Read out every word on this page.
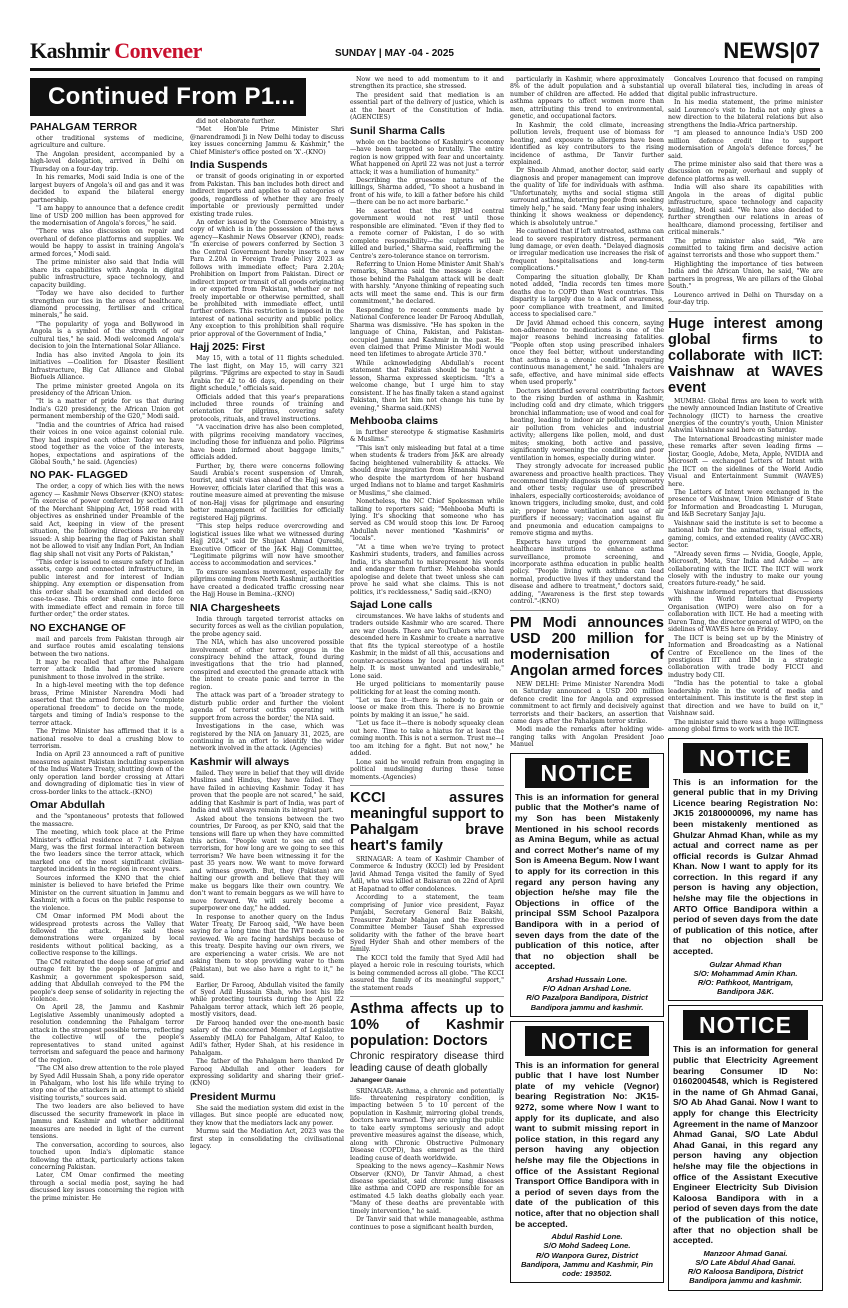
Kashmir Convener	SUNDAY | MAY -04 - 2025	NEWS|07
Continued From P1...
PAHALGAM TERROR

other traditional systems of medicine, agriculture and culture.

The Angolan president, accompanied by a high-level delegation, arrived in Delhi on Thursday on a four-day trip.

In his remarks, Modi said India is one of the largest buyers of Angola's oil and gas and it was decided to expand the bilateral energy partnership.

"I am happy to announce that a defence credit line of USD 200 million has been approved for the modernisation of Angola's forces," he said.

"There was also discussion on repair and overhaul of defence platforms and supplies. We would be happy to assist in training Angola's armed forces," Modi said.

The prime minister also said that India will share its capabilities with Angola in digital public infrastructure, space technology, and capacity building.

"Today we have also decided to further strengthen our ties in the areas of healthcare, diamond processing, fertiliser and critical minerals," he said.

"The popularity of yoga and Bollywood in Angola is a symbol of the strength of our cultural ties," he said. Modi welcomed Angola's decision to join the International Solar Alliance.

India has also invited Angola to join its initiatives —Coalition for Disaster Resilient Infrastructure, Big Cat Alliance and Global Biofuels Alliance.

The prime minister greeted Angola on its presidency of the African Union.

"It is a matter of pride for us that during India's G20 presidency, the African Union got permanent membership of the G20," Modi said.

"India and the countries of Africa had raised their voices in one voice against colonial rule. They had inspired each other. Today we have stood together as the voice of the interests, hopes, expectations and aspirations of the Global South," he said. (Agencies)

NO PAK- FLAGGED

The order, a copy of which lies with the news agency — Kashmir News Observer (KNO) states: "In exercise of power conferred by section 411 of the Merchant Shipping Act, 1958 read with objectives as enshrined under Preamble of the said Act, keeping in view of the present situation, the following directions are hereby issued: A ship bearing the flag of Pakistan shall not be allowed to visit any Indian Port, An Indian flag ship shall not visit any Ports of Pakistan,"

"This order is issued to ensure safety of Indian assets, cargo and connected infrastructure, in public interest and for interest of Indian shipping. Any exemption or dispensation from this order shall be examined and decided on case-to-case. This order shall come into force with immediate effect and remain in force till further order," the order states.

NO EXCHANGE OF

mail and parcels from Pakistan through air and surface routes amid escalating tensions between the two nations.

It may be recalled that after the Pahalgam terror attack India had promised severe punishment to those involved in the strike.

In a high-level meeting with the top defence brass, Prime Minister Narendra Modi had asserted that the armed forces have "complete operational freedom" to decide on the mode, targets and timing of India's response to the terror attack.

The Prime Minister has affirmed that it is a national resolve to deal a crushing blow to terrorism.

India on April 23 announced a raft of punitive measures against Pakistan including suspension of the Indus Waters Treaty, shutting down of the only operation land border crossing at Attari and downgrading of diplomatic ties in view of cross-border links to the attack.-(KNO)

Omar Abdullah

and the "spontaneous" protests that followed the massacre.

The meeting, which took place at the Prime Minister's official residence at 7 Lok Kalyan Marg, was the first formal interaction between the two leaders since the terror attack, which marked one of the most significant civilian-targeted incidents in the region in recent years.

Sources informed the KNO that the chief minister is believed to have briefed the Prime Minister on the current situation in Jammu and Kashmir, with a focus on the public response to the violence.

CM Omar informed PM Modi about the widespread protests across the Valley that followed the attack. He said these demonstrations were organized by local residents without political backing, as a collective response to the killings.

The CM reiterated the deep sense of grief and outrage felt by the people of Jammu and Kashmir, a government spokesperson said, adding that Abdullah conveyed to the PM the people's deep sense of solidarity in rejecting the violence.

On April 28, the Jammu and Kashmir Legislative Assembly unanimously adopted a resolution condemning the Pahalgam terror attack in the strongest possible terms, reflecting the collective will of the people's representatives to stand united against terrorism and safeguard the peace and harmony of the region.

"The CM also drew attention to the role played by Syed Adil Hussain Shah, a pony ride operator in Pahalgam, who lost his life while trying to stop one of the attackers in an attempt to shield visiting tourists," sources said.

The two leaders are also believed to have discussed the security framework in place in Jammu and Kashmir and whether additional measures are needed in light of the current tensions.

The conversation, according to sources, also touched upon India's diplomatic stance following the attack, particularly actions taken concerning Pakistan.

Later, CM Omar confirmed the meeting through a social media post, saying he had discussed key issues concerning the region with the prime minister. He

did not elaborate further.

"Met Hon'ble Prime Minister Shri @narendramodi Ji in New Delhi today to discuss key issues concerning Jammu & Kashmir," the Chief Minister's office posted on 'X'.-(KNO)

India Suspends

or transit of goods originating in or exported from Pakistan. This ban includes both direct and indirect imports and applies to all categories of goods, regardless of whether they are freely importable or previously permitted under existing trade rules.

An order issued by the Commerce Ministry, a copy of which is in the possession of the news agency—Kashmir News Observer (KNO), reads: "In exercise of powers conferred by Section 3 the Central Government hereby inserts a new Para 2.20A in Foreign Trade Policy 2023 as follows with immediate effect; Para 2.20A; Prohibition on Import from Pakistan. Direct or indirect import or transit of all goods originating in or exported from Pakistan, whether or not freely importable or otherwise permitted, shall be prohibited with immediate effect, until further orders. This restriction is imposed in the interest of national security and public policy. Any exception to this prohibition shall require prior approval of the Government of India,"

Hajj 2025: First

May 15, with a total of 11 flights scheduled. The last flight, on May 15, will carry 321 pilgrims. "Pilgrims are expected to stay in Saudi Arabia for 42 to 46 days, depending on their flight schedule," officials said.

Officials added that this year's preparations included three rounds of training and orientation for pilgrims, covering safety protocols, rituals, and travel instructions.

"A vaccination drive has also been completed, with pilgrims receiving mandatory vaccines, including those for influenza and polio. Pilgrims have been informed about baggage limits," officials added.

Further, by, there were concerns following Saudi Arabia's recent suspension of Umrah, tourist, and visit visas ahead of the Hajj season. However, officials later clarified that this was a routine measure aimed at preventing the misuse of non-Hajj visas for pilgrimage and ensuring better management of facilities for officially registered Hajj pilgrims.

"This step helps reduce overcrowding and logistical issues like what we witnessed during Hajj 2024," said Dr Shujaat Ahmad Qureshi, Executive Officer of the J&K Hajj Committee, "Legitimate pilgrims will now have smoother access to accommodation and services."

To ensure seamless movement, especially for pilgrims coming from North Kashmir, authorities have created a dedicated traffic crossing near the Hajj House in Bemina.-(KNO)

NIA Chargesheets

India through targeted terrorist attacks on security forces as well as the civilian population, the probe agency said.

The NIA, which has also uncovered possible involvement of other terror groups in the conspiracy behind the attack, found during investigations that the trio had planned, conspired and executed the grenade attack with the intent to create panic and terror in the region.

The attack was part of a 'broader strategy to disturb public order and further the violent agenda of terrorist outfits operating with support from across the border,' the NIA said.

Investigations in the case, which was registered by the NIA on January 31, 2025, are continuing in an effort to identify the wider network involved in the attack. (Agencies)

Kashmir will always

failed. They were in belief that they will divide Muslims and Hindus, they have failed. They have failed in achieving Kashmir. Today it has proven that the people are not scared," he said, adding that Kashmir is part of India, was part of India and will always remain its integral part.

Asked about the tensions between the two countries, Dr Farooq, as per KNO, said that the tensions will flare up when they have committed this action. "People want to see an end of terrorism, for how long are we going to see this terrorism? We have been witnessing it for the past 35 years now. We want to move forward and witness growth. But, they (Pakistan) are halting our growth and believe that they will make us beggars like their own country. We don't want to remain beggars as we will have to move forward. We will surely become a superpower one day," he added.

In response to another query on the Indus Water Treaty, Dr Farooq said, "We have been saying for a long time that the IWT needs to be reviewed. We are facing hardships because of this treaty. Despite having our own rivers, we are experiencing a water crisis. We are not asking them to stop providing water to them (Pakistan), but we also have a right to it," he said.

Earlier, Dr Farooq, Abdullah visited the family of Syed Adil Hussain Shah, who lost his life while protecting tourists during the April 22 Pahalgam terror attack, which left 26 people, mostly visitors, dead.

Dr Farooq handed over the one-month basic salary of the concerned Member of Legislative Assembly (MLA) for Pahalgam, Altaf Kaloo, to Adil's father, Hyder Shah, at his residence in Pahalgam.

The father of the Pahalgam hero thanked Dr Farooq Abdullah and other leaders for expressing solidarity and sharing their grief.-(KNO)

President Murmu

She said the mediation system did exist in the villages. But since people are educated now, they know that the mediators lack any power.

Murmu said the Mediation Act, 2023 was the first step in consolidating the civilisational legacy.

Now we need to add momentum to it and strengthen its practice, she stressed.

The president said that mediation is an essential part of the delivery of justice, which is at the heart of the Constitution of India. (AGENCIES)

Sunil Sharma Calls

whole on the backbone of Kashmir's economy—have been targeted so brutally. The entire region is now gripped with fear and uncertainty. What happened on April 22 was not just a terror attack; it was a humiliation of humanity."

Describing the gruesome nature of the killings, Sharma added, "To shoot a husband in front of his wife, to kill a father before his child—there can be no act more barbaric."

He asserted that the BJP-led central government would not rest until those responsible are eliminated. "Even if they fled to a remote corner of Pakistan, I do so with complete responsibility—the culprits will be killed and buried," Sharma said, reaffirming the Centre's zero-tolerance stance on terrorism.

Referring to Union Home Minister Amit Shah's remarks, Sharma said the message is clear: those behind the Pahalgam attack will be dealt with harshly. "Anyone thinking of repeating such acts will meet the same end. This is our firm commitment," he declared.

Responding to recent comments made by National Conference leader Dr Farooq Abdullah, Sharma was dismissive. "He has spoken in the language of China, Pakistan, and Pakistan-occupied Jammu and Kashmir in the past. He even claimed that Prime Minister Modi would need ten lifetimes to abrogate Article 370."

While acknowledging Abdullah's recent statement that Pakistan should be taught a lesson, Sharma expressed skepticism. "It's a welcome change, but I urge him to stay consistent. If he has finally taken a stand against Pakistan, then let him not change his tune by evening," Sharma said.(KNS)

Mehbooba claims

in further stereotype & stigmatise Kashmiris & Muslims."

"This isn't only misleading but fatal at a time when students & traders from J&K are already facing heightened vulnerability & attacks. We should draw inspiration from Himanshi Narwal who despite the martyrdom of her husband urged Indians not to blame and target Kashmiris or Muslims," she claimed.

Nonetheless, the NC Chief Spokesman while talking to reporters said; "Mehbooba Mufti is lying. It's shocking that someone who has served as CM would stoop this low. Dr Farooq Abdullah never mentioned "Kashmiris" or "locals".

"At a time when we're trying to protect Kashmiri students, traders, and families across India, it's shameful to misrepresent his words and endanger them further. Mehbooba should apologise and delete that tweet unless she can prove he said what she claims. This is not politics, it's recklessness," Sadiq said.-(KNO)

Sajad Lone calls

circumstances. We have lakhs of students and traders outside Kashmir who are scared. There are war clouds. There are YouTubers who have descended here in Kashmir to create a narrative that fits the typical stereotype of a hostile Kashmir, in the midst of all this, accusations and counter-accusations by local parties will not help. It is most unwanted and undesirable," Lone said.

He urged politicians to momentarily pause politicking for at least the coming month.

"Let us face it—there is nobody to gain or loose or make from this. There is no brownie points by making it an issue," he said.

"Let us face it—there is nobody squeaky clean out here. Time to take a hiatus for at least the coming month. This is not a sermon. Trust me—I too am itching for a fight. But not now," he added.

Lone said he would refrain from engaging in political mudslinging during these tense moments.-(Agencies)

KCCI assures meaningful support to Pahalgam brave heart's family

SRINAGAR: A team of Kashmir Chamber of Commerce & Industry (KCCI) led by President Javid Ahmad Tenga visited the family of Syed Adil, who was killed at Baisaran on 22nd of April at Hapatnad to offer condolences.

According to a statement, the team comprising of Junior vice president, Fayaz Punjabi, Secretary General Baiz Bakshi, Treasurer Zubair Mahajan and the Executive Committee Member Tausef Shah expressed solidarity with the father of the brave heart Syed Hyder Shah and other members of the family.

The KCCI told the family that Syed Adil had played a heroic role in rescuing tourists, which is being commended across all globe. "The KCCI assured the family of its meaningful support," the statement reads

Asthma affects up to 10% of Kashmir population: Doctors
Chronic respiratory disease third leading cause of death globally
Jahangeer Ganaie

SRINAGAR: Asthma, a chronic and potentially life- threatening respiratory condition, is impacting between 5 to 10 percent of the population in Kashmir, mirroring global trends, doctors have warned. They are urging the public to take early symptoms seriously and adopt preventive measures against the disease, which, along with Chronic Obstructive Pulmonary Disease (COPD), has emerged as the third leading cause of death worldwide.

Speaking to the news agency—Kashmir News Observer (KNO), Dr Tanvir Ahmad, a chest disease specialist, said chronic lung diseases like asthma and COPD are responsible for an estimated 4.5 lakh deaths globally each year. "Many of these deaths are preventable with timely intervention," he said.

Dr Tanvir said that while manageable, asthma continues to pose a significant health burden,

particularly in Kashmir, where approximately 8% of the adult population and a substantial number of children are affected. He added that asthma appears to affect women more than men, attributing this trend to environmental, genetic, and occupational factors.

In Kashmir, the cold climate, increasing pollution levels, frequent use of biomass for heating, and exposure to allergens have been identified as key contributors to the rising incidence of asthma, Dr Tanvir further explained.

Dr Shoaib Ahmad, another doctor, said early diagnosis and proper management can improve the quality of life for individuals with asthma. "Unfortunately, myths and social stigma still surround asthma, deterring people from seeking timely help," he said. "Many fear using inhalers, thinking it shows weakness or dependency, which is absolutely untrue."

He cautioned that if left untreated, asthma can lead to severe respiratory distress, permanent lung damage, or even death. "Delayed diagnosis or irregular medication use increases the risk of frequent hospitalisations and long-term complications."

Comparing the situation globally, Dr Khan noted added, "India records ten times more deaths due to COPD than West countries. This disparity is largely due to a lack of awareness, poor compliance with treatment, and limited access to specialised care."

Dr Javid Ahmad echoed this concern, saying non-adherence to medications is one of the major reasons behind increasing fatalities. "People often stop using prescribed inhalers once they feel better, without understanding that asthma is a chronic condition requiring continuous management," he said. "Inhalers are safe, effective, and have minimal side effects when used properly."

Doctors identified several contributing factors to the rising burden of asthma in Kashmir, including cold and dry climate, which triggers bronchial inflammation; use of wood and coal for heating, leading to indoor air pollution; outdoor air pollution from vehicles and industrial activity; allergens like pollen, mold, and dust mites; smoking, both active and passive, significantly worsening the condition and poor ventilation in homes, especially during winter.

They strongly advocate for increased public awareness and proactive health practices. They recommend timely diagnosis through spirometry and other tests; regular use of prescribed inhalers, especially corticosteroids; avoidance of known triggers, including smoke, dust, and cold air; proper home ventilation and use of air purifiers if necessary; vaccination against flu and pneumonia and education campaigns to remove stigma and myths.

Experts have urged the government and healthcare institutions to enhance asthma surveillance, promote screening, and incorporate asthma education in public health policy. "People living with asthma can lead normal, productive lives if they understand the disease and adhere to treatment," doctors said, adding, "Awareness is the first step towards control."-(KNO)

PM Modi announces USD 200 million for modernisation of Angolan armed forces

NEW DELHI: Prime Minister Narendra Modi on Saturday announced a USD 200 million defence credit line for Angola and expressed commitment to act firmly and decisively against terrorists and their backers, an assertion that came days after the Pahalgam terror strike.

Modi made the remarks after holding wide-ranging talks with Angolan President Joao Manuel

NOTICE
This is an information for general public that the Mother's name of my Son has been Mistakenly Mentioned in his school records as Amina Begum, while as actual and correct Mother's name of my Son is Ameena Begum. Now I want to apply for its correction in this regard any person having any objection he/she may file the Objections in office of the principal SSM School Pazalpora Bandipora with in a period of seven days from the date of the publication of this notice, after that no objection shall be accepted.
Arshad Hussain Lone.
F/O Adnan Arshad Lone.
R/O Pazalpora Bandipora, District
Bandipora jammu and kashmir.
NOTICE
This is an information for general public that I have lost Number plate of my vehicle (Vegnor) bearing Registration No: JK15-9272, some where Now I want to apply for its duplicate, and also want to submit missing report in police station, in this regard any person having any objection he/she may file the Objections in office of the Assistant Regional Transport Office Bandipora with in a period of seven days from the date of the publication of this notice, after that no objection shall be accepted.
Abdul Rashid Lone.
S/O Mohd Sadeeq Lone.
R/O Wanpora Gurez, District
Bandipora, Jammu and Kashmir, Pin
code: 193502.

Goncalves Lourenco that focused on ramping up overall bilateral ties, including in areas of digital public infrastructure.

In his media statement, the prime minister said Lourenco's visit to India not only gives a new direction to the bilateral relations but also strengthens the India-Africa partnership.

"I am pleased to announce India's USD 200 million defence credit line to support modernisation of Angola's defence forces," he said.

The prime minister also said that there was a discussion on repair, overhaul and supply of defence platforms as well.

India will also share its capabilities with Angola in the areas of digital public infrastructure, space technology and capacity building, Modi said. "We have also decided to further strengthen our relations in areas of healthcare, diamond processing, fertiliser and critical minerals."

The prime minister also said, "We are committed to taking firm and decisive action against terrorists and those who support them."

Highlighting the importance of ties between India and the African Union, he said, "We are partners in progress, We are pillars of the Global South."

Lourenco arrived in Delhi on Thursday on a four-day trip.

Huge interest among global firms to collaborate with IICT: Vaishnaw at WAVES event

MUMBAI: Global firms are keen to work with the newly announced Indian Institute of Creative Technology (IICT) to harness the creative energies of the country's youth, Union Minister Ashwini Vaishnaw said here on Saturday.

The International Broadcasting minister made these remarks after seven leading firms — Jiostar, Google, Adobe, Meta, Apple, NVIDIA and Microsoft — exchanged Letters of Intent with the IICT on the sidelines of the World Audio Visual and Entertainment Summit (WAVES) here.

The Letters of Intent were exchanged in the presence of Vaishnaw, Union Minister of State for Information and Broadcasting L Murugan, and I&B Secretary Sanjay Jaju.

Vaishnaw said the institute is set to become a national hub for the animation, visual effects, gaming, comics, and extended reality (AVGC-XR) sector.

"Already seven firms — Nvidia, Google, Apple, Microsoft, Meta, Star India and Adobe — are collaborating with the IICT. The IICT will work closely with the industry to make our young creators future-ready," he said.

Vaishnaw informed reporters that discussions with the World Intellectual Property Organisation (WIPO) were also on for a collaboration with IICT. He had a meeting with Daren Tang, the director general of WIPO, on the sidelines of WAVES here on Friday.

The IICT is being set up by the Ministry of Information and Broadcasting as a National Centre of Excellence on the lines of the prestigious IIT and IIM in a strategic collaboration with trade body FICCI and industry body CII.

"India has the potential to take a global leadership role in the world of media and entertainment. This institute is the first step in that direction and we have to build on it," Vaishnaw said.

The minister said there was a huge willingness among global firms to work with the IICT.

NOTICE
This is an information for the general public that in my Driving Licence bearing Registration No: JK15 20180000096, my name has been mistakenly mentioned as Ghulzar Ahmad Khan, while as my actual and correct name as per official records is Gulzar Ahmad Khan. Now I want to apply for its correction. In this regard if any person is having any objection, he/she may file the objections in ARTO Office Bandipora within a period of seven days from the date of publication of this notice, after that no objection shall be accepted.
Gulzar Ahmad Khan
S/O: Mohammad Amin Khan.
R/O: Pathkoot, Mantrigam,
Bandipora J&K.
NOTICE
This is an information for general public that Electricity Agreement bearing Consumer ID No: 01602004548, which is Registered in the name of Gh Ahmad Ganai, S/O Ab Ahad Ganai. Now I want to apply for change this Electricity Agreement in the name of Manzoor Ahmad Ganai, S/O Late Abdul Ahad Ganai, in this regard any person having any objection he/she may file the objections in office of the Assistant Executive Engineer Electricity Sub Division Kaloosa Bandipora with in a period of seven days from the date of the publication of this notice, after that no objection shall be accepted.
Manzoor Ahmad Ganai.
S/O Late Abdul Ahad Ganai.
R/O Kaloosa Bandipora, District
Bandipora jammu and kashmir.
